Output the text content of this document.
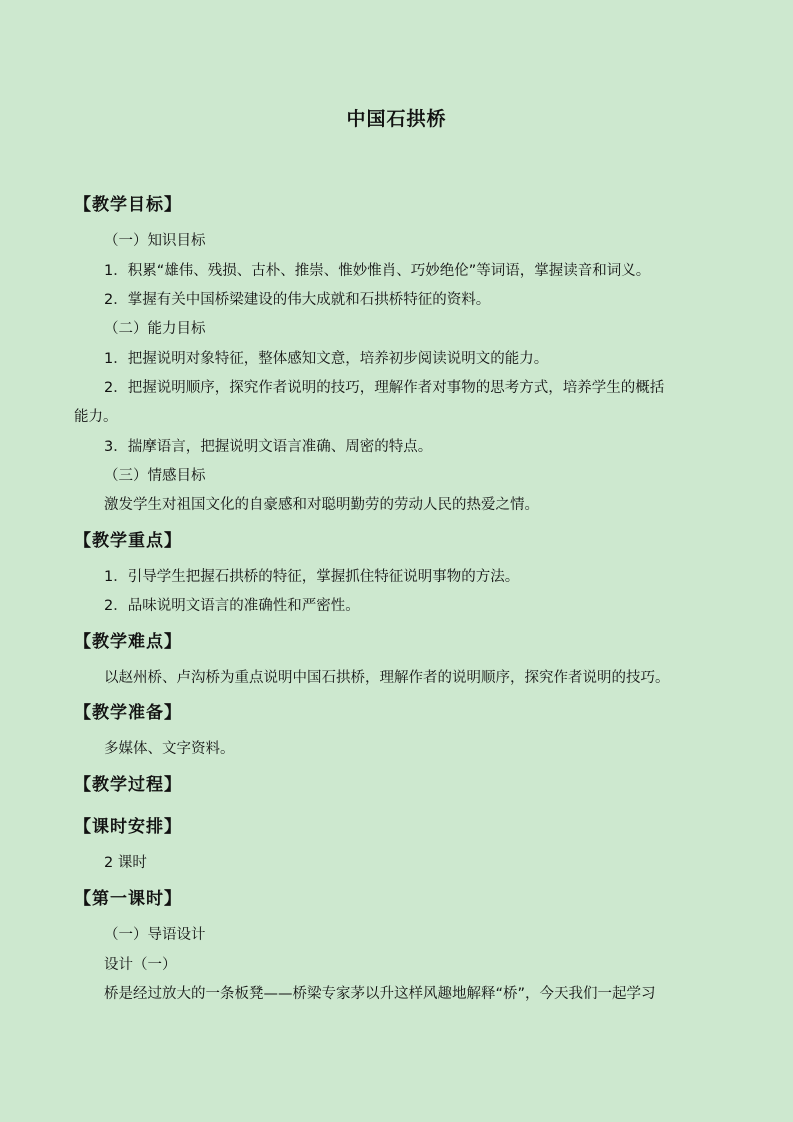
中国石拱桥
【教学目标】
（一）知识目标
1．积累“雄伟、残损、古朴、推崇、惟妙惟肖、巧妙绝伦”等词语，掌握读音和词义。
2．掌握有关中国桥梁建设的伟大成就和石拱桥特征的资料。
（二）能力目标
1．把握说明对象特征，整体感知文意，培养初步阅读说明文的能力。
2．把握说明顺序，探究作者说明的技巧，理解作者对事物的思考方式，培养学生的概括
能力。
3．揣摩语言，把握说明文语言准确、周密的特点。
（三）情感目标
激发学生对祖国文化的自豪感和对聪明勤劳的劳动人民的热爱之情。
【教学重点】
1．引导学生把握石拱桥的特征，掌握抓住特征说明事物的方法。
2．品味说明文语言的准确性和严密性。
【教学难点】
以赵州桥、卢沟桥为重点说明中国石拱桥，理解作者的说明顺序，探究作者说明的技巧。
【教学准备】
多媒体、文字资料。
【教学过程】
【课时安排】
2 课时
【第一课时】
（一）导语设计
设计（一）
桥是经过放大的一条板凳——桥梁专家茅以升这样风趣地解释“桥”，今天我们一起学习
